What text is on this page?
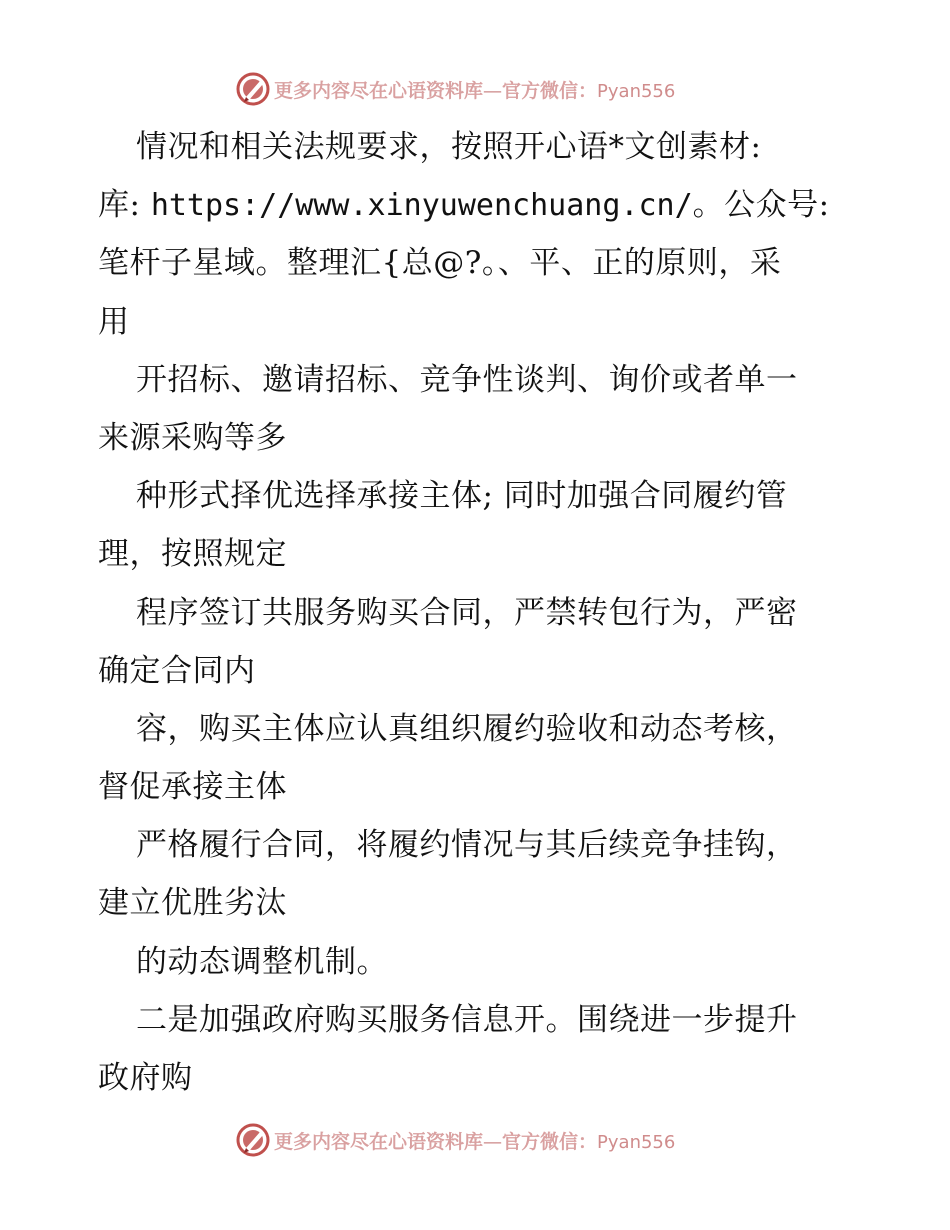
更多内容尽在心语资料库—官方微信：Pyan556
情况和相关法规要求，按照开心语*文创素材:
库: https://www.xinyuwenchuang.cn/。公众号:
笔杆子星域。整理汇{总@?。、平、正的原则，采
用
开招标、邀请招标、竞争性谈判、询价或者单一
来源采购等多
种形式择优选择承接主体; 同时加强合同履约管
理，按照规定
程序签订共服务购买合同，严禁转包行为，严密
确定合同内
容，购买主体应认真组织履约验收和动态考核，
督促承接主体
严格履行合同，将履约情况与其后续竞争挂钩，
建立优胜劣汰
的动态调整机制。
二是加强政府购买服务信息开。围绕进一步提升
政府购
更多内容尽在心语资料库—官方微信：Pyan556
